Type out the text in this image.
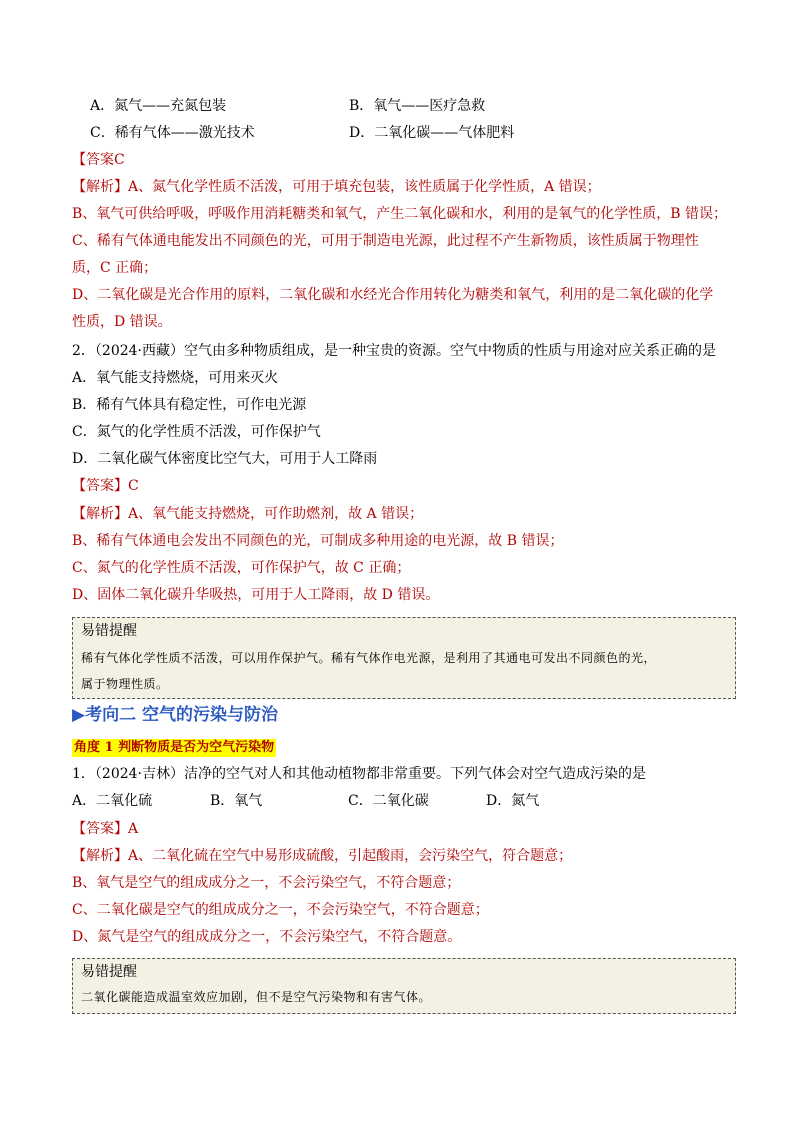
A．氮气——充氮包装	B．氧气——医疗急救
C．稀有气体——激光技术	D．二氧化碳——气体肥料
【答案C
【解析】A、氮气化学性质不活泼，可用于填充包装，该性质属于化学性质，A 错误；
B、氧气可供给呼吸，呼吸作用消耗糖类和氧气，产生二氧化碳和水，利用的是氧气的化学性质，B 错误；
C、稀有气体通电能发出不同颜色的光，可用于制造电光源，此过程不产生新物质，该性质属于物理性
质，C 正确；
D、二氧化碳是光合作用的原料，二氧化碳和水经光合作用转化为糖类和氧气，利用的是二氧化碳的化学
性质，D 错误。
2．（2024·西藏）空气由多种物质组成，是一种宝贵的资源。空气中物质的性质与用途对应关系正确的是
A．氧气能支持燃烧，可用来灭火
B．稀有气体具有稳定性，可作电光源
C．氮气的化学性质不活泼，可作保护气
D．二氧化碳气体密度比空气大，可用于人工降雨
【答案】C
【解析】A、氧气能支持燃烧，可作助燃剂，故 A 错误；
B、稀有气体通电会发出不同颜色的光，可制成多种用途的电光源，故 B 错误；
C、氮气的化学性质不活泼，可作保护气，故 C 正确；
D、固体二氧化碳升华吸热，可用于人工降雨，故 D 错误。
易错提醒
稀有气体化学性质不活泼，可以用作保护气。稀有气体作电光源，是利用了其通电可发出不同颜色的光，
属于物理性质。
▶考向二 空气的污染与防治
角度 1 判断物质是否为空气污染物
1．（2024·吉林）洁净的空气对人和其他动植物都非常重要。下列气体会对空气造成污染的是
A．二氧化硫	B．氧气	C．二氧化碳	D．氮气
【答案】A
【解析】A、二氧化硫在空气中易形成硫酸，引起酸雨，会污染空气，符合题意；
B、氧气是空气的组成成分之一，不会污染空气，不符合题意；
C、二氧化碳是空气的组成成分之一，不会污染空气，不符合题意；
D、氮气是空气的组成成分之一，不会污染空气，不符合题意。
易错提醒
二氧化碳能造成温室效应加剧，但不是空气污染物和有害气体。
